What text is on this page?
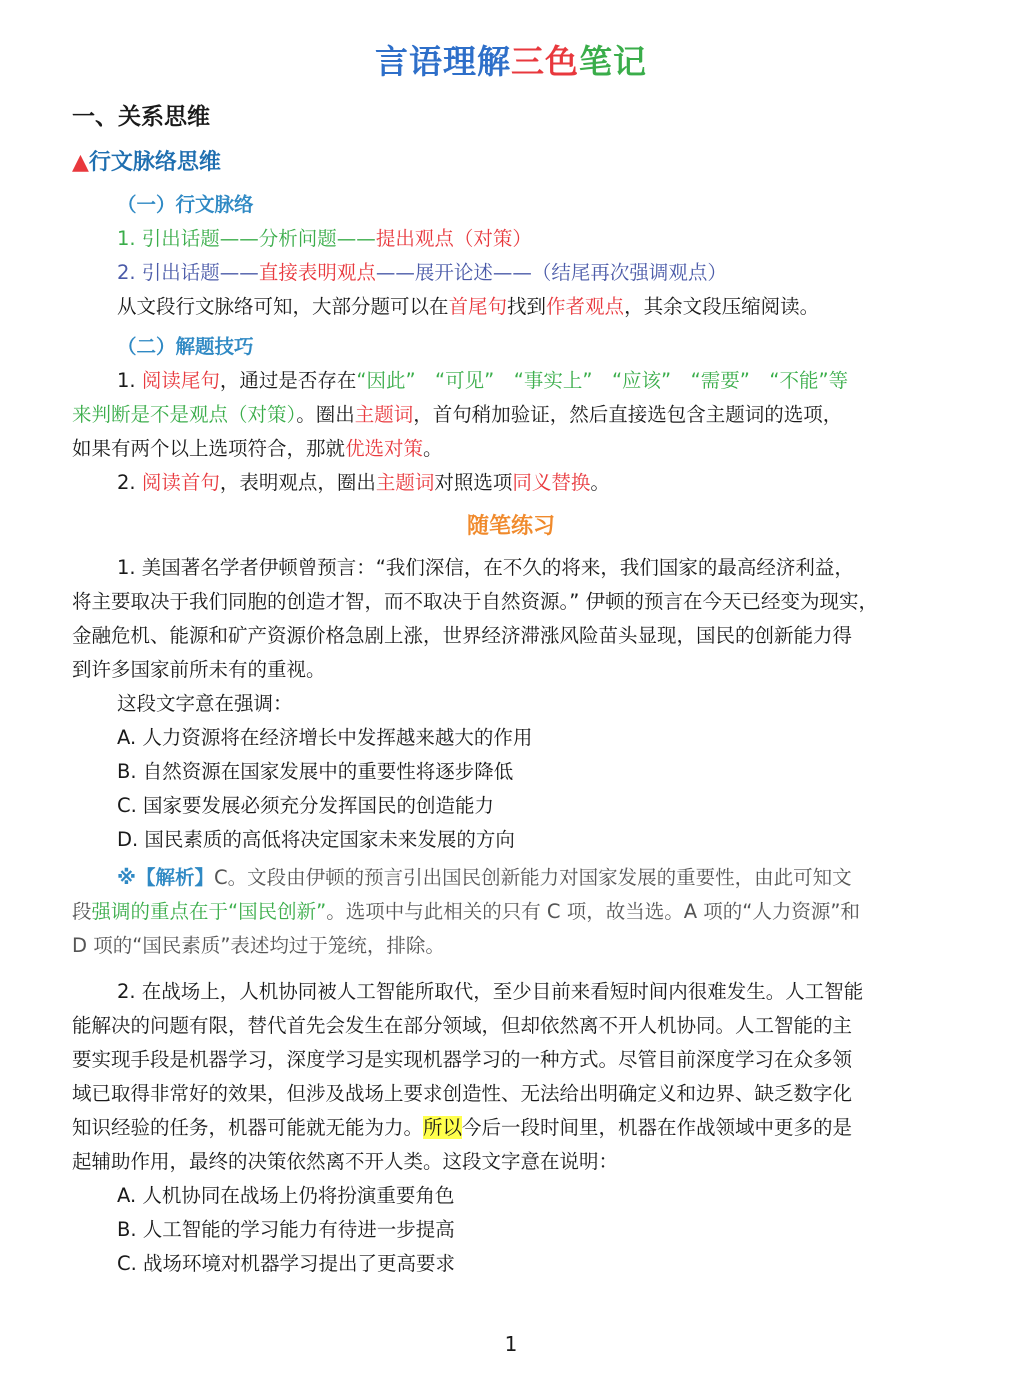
言语理解三色笔记
一、关系思维
▲行文脉络思维
（一）行文脉络
1. 引出话题——分析问题——提出观点（对策）
2. 引出话题——直接表明观点——展开论述——（结尾再次强调观点）
从文段行文脉络可知，大部分题可以在首尾句找到作者观点，其余文段压缩阅读。
（二）解题技巧
1. 阅读尾句，通过是否存在“因此”　“可见”　“事实上”　“应该”　“需要”　“不能”等
来判断是不是观点（对策）。圈出主题词，首句稍加验证，然后直接选包含主题词的选项，
如果有两个以上选项符合，那就优选对策。
2. 阅读首句，表明观点，圈出主题词对照选项同义替换。
随笔练习
1. 美国著名学者伊顿曾预言：“我们深信，在不久的将来，我们国家的最高经济利益，
将主要取决于我们同胞的创造才智，而不取决于自然资源。” 伊顿的预言在今天已经变为现实，
金融危机、能源和矿产资源价格急剧上涨，世界经济滞涨风险苗头显现，国民的创新能力得
到许多国家前所未有的重视。
这段文字意在强调：
A. 人力资源将在经济增长中发挥越来越大的作用
B. 自然资源在国家发展中的重要性将逐步降低
C. 国家要发展必须充分发挥国民的创造能力
D. 国民素质的高低将决定国家未来发展的方向
※【解析】C。文段由伊顿的预言引出国民创新能力对国家发展的重要性，由此可知文
段强调的重点在于“国民创新”。选项中与此相关的只有 C 项，故当选。A 项的“人力资源”和
D 项的“国民素质”表述均过于笼统，排除。
2. 在战场上，人机协同被人工智能所取代，至少目前来看短时间内很难发生。人工智能
能解决的问题有限，替代首先会发生在部分领域，但却依然离不开人机协同。人工智能的主
要实现手段是机器学习，深度学习是实现机器学习的一种方式。尽管目前深度学习在众多领
域已取得非常好的效果，但涉及战场上要求创造性、无法给出明确定义和边界、缺乏数字化
知识经验的任务，机器可能就无能为力。所以今后一段时间里，机器在作战领域中更多的是
起辅助作用，最终的决策依然离不开人类。这段文字意在说明：
A. 人机协同在战场上仍将扮演重要角色
B. 人工智能的学习能力有待进一步提高
C. 战场环境对机器学习提出了更高要求
1
